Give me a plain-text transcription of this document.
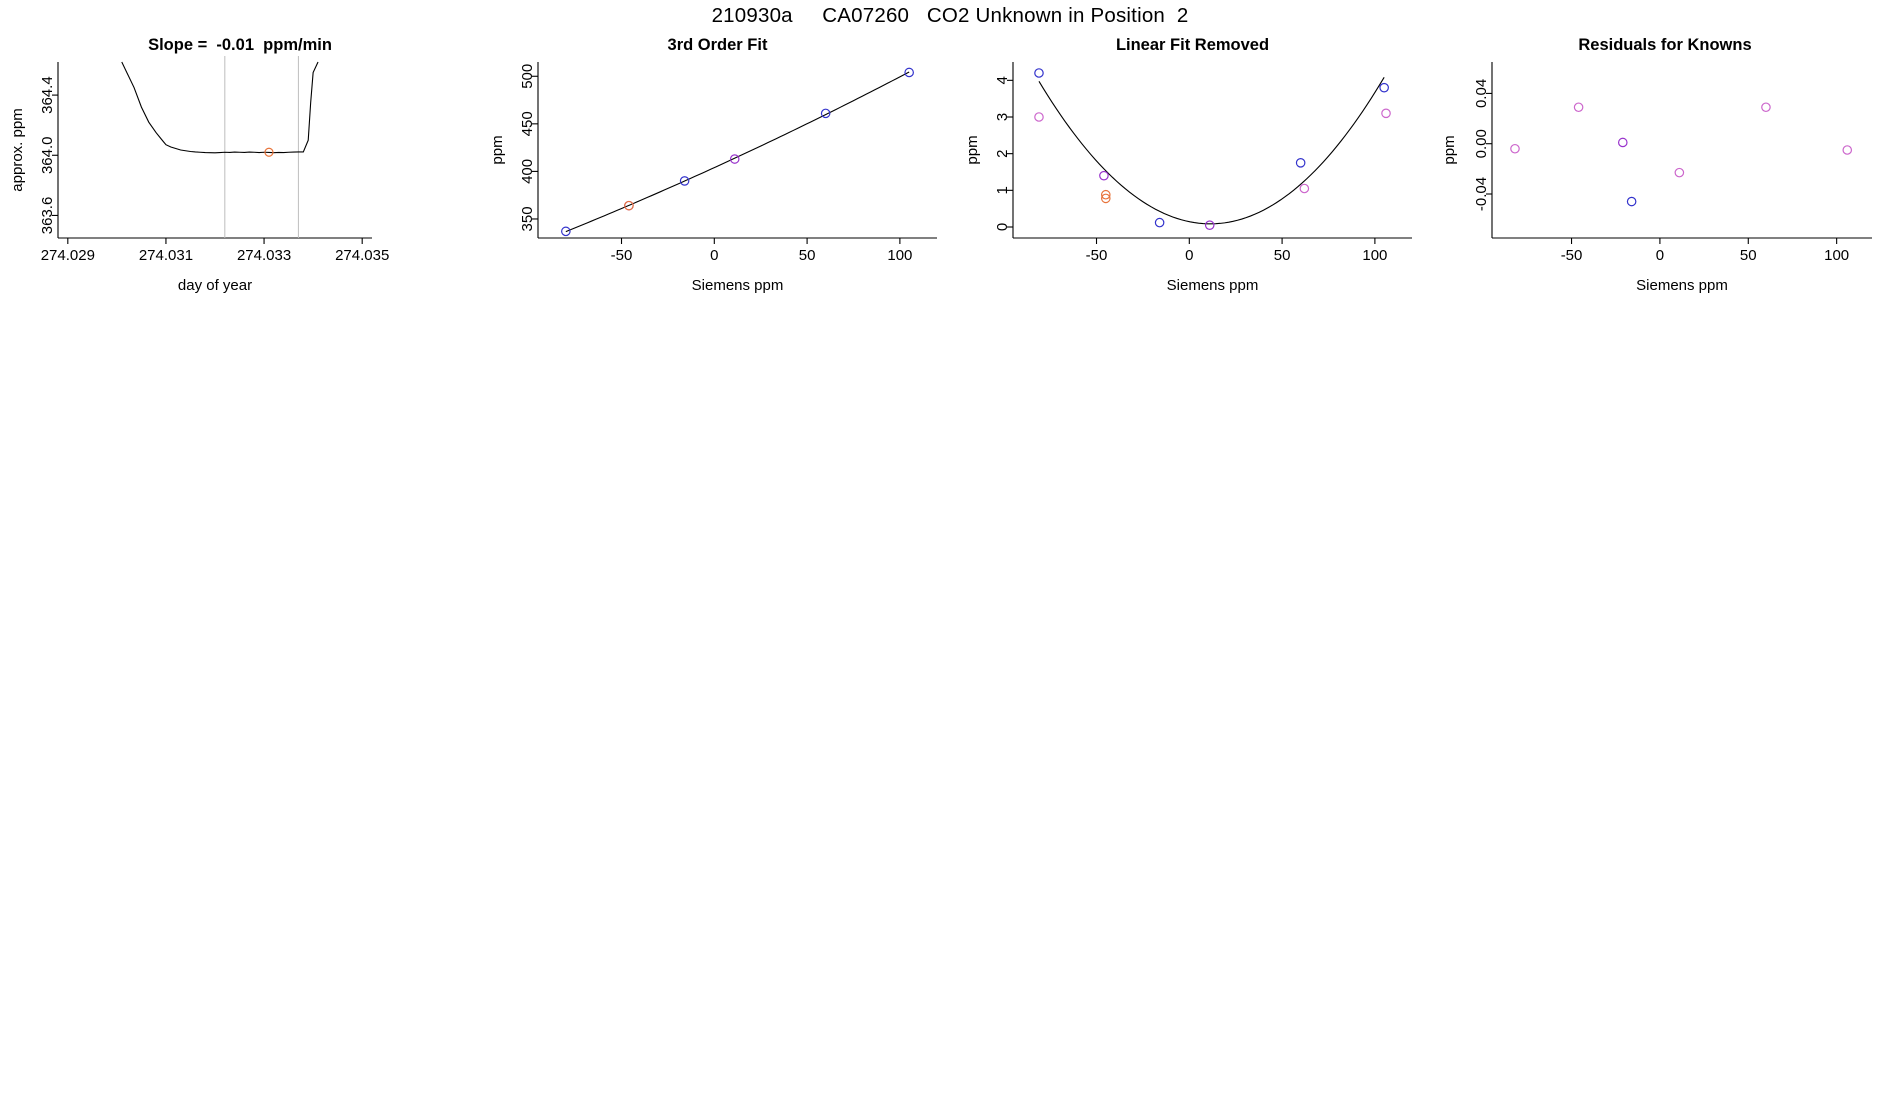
210930a     CA07260   CO2 Unknown in Position  2
Slope =  -0.01  ppm/min
274.029	274.031	274.033	274.035
363.6
364.0
364.4
day of year
approx. ppm
3rd Order Fit
-50	0	50	100
350
400
450
500
Siemens ppm
ppm
Linear Fit Removed
-50	0	50	100
0
1
2
3
4
Siemens ppm
ppm
Residuals for Knowns
-50	0	50	100
-0.04
0.00
0.04
Siemens ppm
ppm
